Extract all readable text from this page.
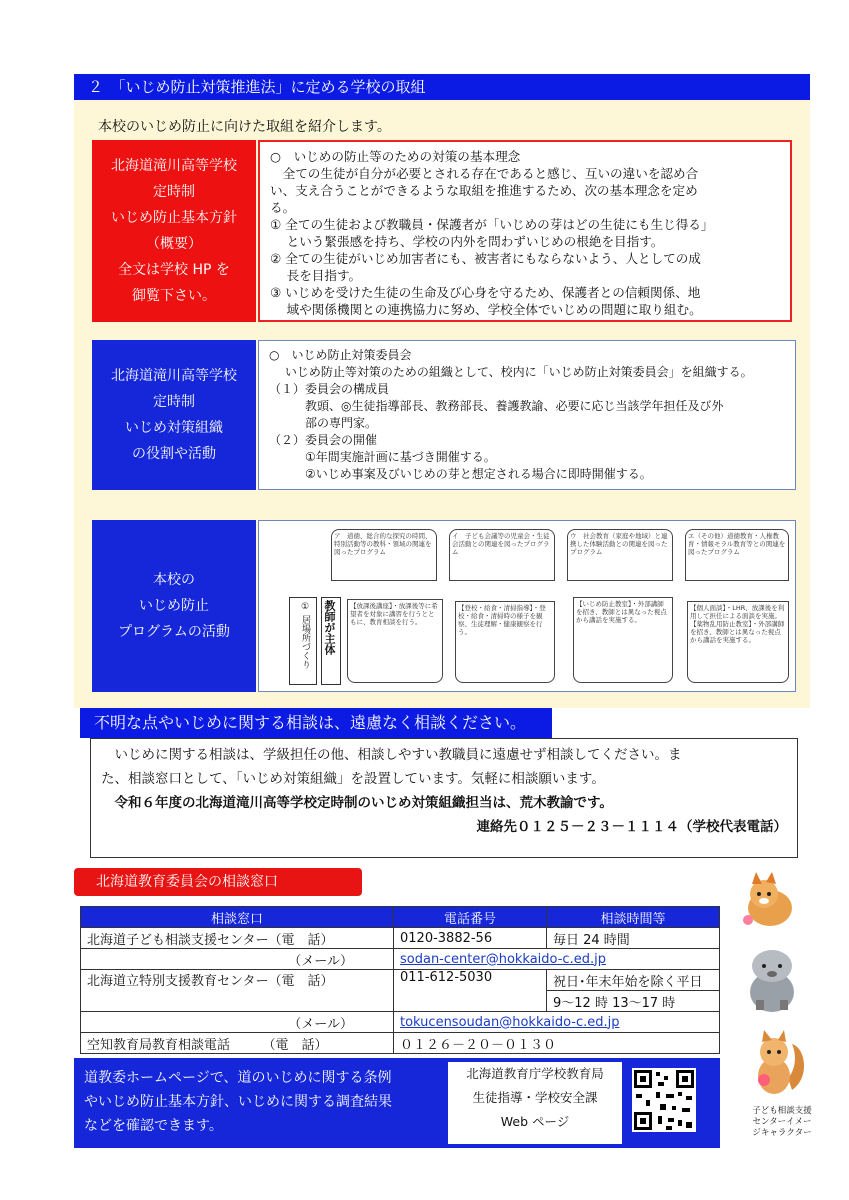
２　「いじめ防止対策推進法」に定める学校の取組
本校のいじめ防止に向けた取組を紹介します。
北海道滝川高等学校
定時制
いじめ防止基本方針
（概要）
全文は学校 HP を
御覧下さい。
○　いじめの防止等のための対策の基本理念
　全ての生徒が自分が必要とされる存在であると感じ、互いの違いを認め合
い、支え合うことができるような取組を推進するため、次の基本理念を定め
る。
① 全ての生徒および教職員・保護者が「いじめの芽はどの生徒にも生じ得る」
　 という緊張感を持ち、学校の内外を問わずいじめの根絶を目指す。
② 全ての生徒がいじめ加害者にも、被害者にもならないよう、人としての成
　 長を目指す。
③ いじめを受けた生徒の生命及び心身を守るため、保護者との信頼関係、地
　 域や関係機関との連携協力に努め、学校全体でいじめの問題に取り組む。
北海道滝川高等学校
定時制
いじめ対策組織
の役割や活動
○　いじめ防止対策委員会
　 いじめ防止等対策のための組織として、校内に「いじめ防止対策委員会」を組織する。
（１）委員会の構成員
　　　教頭、◎生徒指導部長、教務部長、養護教諭、必要に応じ当該学年担任及び外
　　　部の専門家。
（２）委員会の開催
　　　①年間実施計画に基づき開催する。
　　　②いじめ事案及びいじめの芽と想定される場合に即時開催する。
本校の
いじめ防止
プログラムの活動
ア　道徳、総合的な探究の時間、特別活動等の教科・領域の関連を図ったプログラム
イ　子ども会議等の児童会・生徒会活動との関連を図ったプログラム
ウ　社会教育（家庭や地域）と連携した体験活動との関連を図ったプログラム
エ（その他）道徳教育・人権教育・情報モラル教育等との関連を図ったプログラム
① 居場所づくり	教師が主体	【放課後講座】・放課後等に希望者を対象に講習を行うとともに、教育相談を行う。
【登校・給食・清掃指導】・登校・給食・清掃時の様子を観察、生徒理解・健康観察を行う。
【いじめ防止教室】・外部講師を招き、教師とは異なった視点から講話を実施する。
【個人面談】・LHR、放課後を利用して担任による面談を実施。【薬物乱用防止教室】・外部講師を招き、教師とは異なった視点から講話を実施する。
不明な点やいじめに関する相談は、遠慮なく相談ください。
　いじめに関する相談は、学級担任の他、相談しやすい教職員に遠慮せず相談してください。ま
た、相談窓口として、「いじめ対策組織」を設置しています。気軽に相談願います。
　令和６年度の北海道滝川高等学校定時制のいじめ対策組織担当は、荒木教諭です。
連絡先０１２５－２３－１１１４（学校代表電話）
北海道教育委員会の相談窓口
相談窓口	電話番号	相談時間等
北海道子ども相談支援センター（電　話）	0120-3882-56	毎日 24 時間
（メール）	sodan-center@hokkaido-c.ed.jp	
北海道立特別支援教育センター（電　話）	011-612-5030	祝日･年末年始を除く平日
		9～12 時 13～17 時
（メール）	tokucensoudan@hokkaido-c.ed.jp	
空知教育局教育相談電話　　　（電　話）	０１２６－２０－０１３０	
道教委ホームページで、道のいじめに関する条例
やいじめ防止基本方針、いじめに関する調査結果
などを確認できます。
北海道教育庁学校教育局
生徒指導・学校安全課
Web ページ
子ども相談支援
センターイメー
ジキャラクター
